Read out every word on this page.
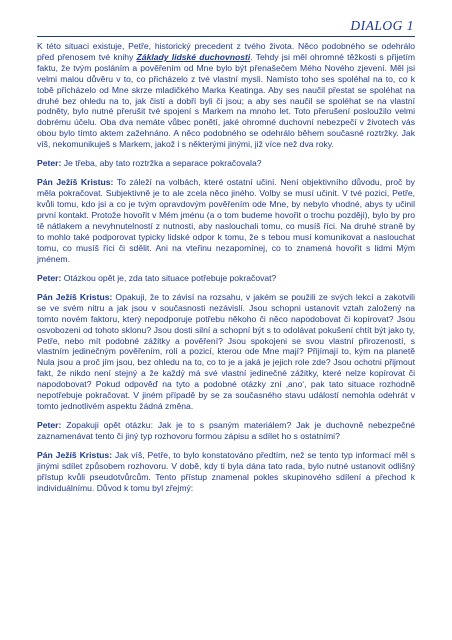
DIALOG 1

K této situaci existuje, Petře, historický precedent z tvého života. Něco podobného se odehrálo před přenosem tvé knihy Základy lidské duchovnosti. Tehdy jsi měl ohromné těžkosti s přijetím faktu, že tvým posláním a pověřením od Mne bylo být přenašečem Mého Nového zjevení. Měl jsi velmi malou důvěru v to, co přicházelo z tvé vlastní mysli. Namísto toho ses spoléhal na to, co k tobě přicházelo od Mne skrze mladičkého Marka Keatinga. Aby ses naučil přestat se spoléhat na druhé bez ohledu na to, jak čistí a dobří byli či jsou; a aby ses naučil se spoléhat se na vlastní podněty, bylo nutné přerušit tvé spojení s Markem na mnoho let. Toto přerušení posloužilo velmi dobrému účelu. Oba dva nemáte vůbec ponětí, jaké ohromné duchovní nebezpečí v životech vás obou bylo tímto aktem zažehnáno. A něco podobného se odehrálo během současné roztržky. Jak víš, nekomunikuješ s Markem, jakož i s některými jinými, již více než dva roky.

Peter: Je třeba, aby tato roztržka a separace pokračovala?

Pán Ježíš Kristus: To záleží na volbách, které ostatní učiní. Není objektivního důvodu, proč by měla pokračovat. Subjektivně je to ale zcela něco jiného. Volby se musí učinit. V tvé pozici, Petře, kvůli tomu, kdo jsi a co je tvým opravdovým pověřením ode Mne, by nebylo vhodné, abys ty učinil první kontakt. Protože hovořit v Mém jménu (a o tom budeme hovořit o trochu později), bylo by pro tě nátlakem a nevyhnutelností z nutnosti, aby naslouchali tomu, co musíš říci. Na druhé straně by to mohlo také podporovat typicky lidské odpor k tomu, že s tebou musí komunikovat a naslouchat tomu, co musíš říci či sdělit. Ani na vteřinu nezapomínej, co to znamená hovořit s lidmi Mým jménem.

Peter: Otázkou opět je, zda tato situace potřebuje pokračovat?

Pán Ježíš Kristus: Opakuji, že to závisí na rozsahu, v jakém se použili ze svých lekcí a zakotvili se ve svém nitru a jak jsou v současnosti nezávislí. Jsou schopni ustanovit vztah založený na tomto novém faktoru, který nepodporuje potřebu někoho či něco napodobovat či kopírovat? Jsou osvobozeni od tohoto sklonu? Jsou dosti silní a schopní být s to odolávat pokušení chtít být jako ty, Petře, nebo mít podobné zážitky a pověření? Jsou spokojeni se svou vlastní přirozeností, s vlastním jedinečným pověřením, rolí a pozicí, kterou ode Mne mají? Přijímají to, kým na planetě Nula jsou a proč jím jsou, bez ohledu na to, co to je a jaká je jejich role zde? Jsou ochotni přijmout fakt, že nikdo není stejný a že každý má své vlastní jedinečné zážitky, které nelze kopírovat či napodobovat? Pokud odpověď na tyto a podobné otázky zní ‚ano‘, pak tato situace rozhodně nepotřebuje pokračovat. V jiném případě by se za současného stavu událostí nemohla odehrát v tomto jednotlivém aspektu žádná změna.

Peter: Zopakuji opět otázku: Jak je to s psaným materiálem? Jak je duchovně nebezpečné zaznamenávat tento či jiný typ rozhovoru formou zápisu a sdílet ho s ostatními?

Pán Ježíš Kristus: Jak víš, Petře, to bylo konstatováno předtím, než se tento typ informací měl s jinými sdílet způsobem rozhovoru. V době, kdy ti byla dána tato rada, bylo nutné ustanovit odlišný přístup kvůli pseudotvůrcům. Tento přístup znamenal pokles skupinového sdílení a přechod k individuálnímu. Důvod k tomu byl zřejmý:
